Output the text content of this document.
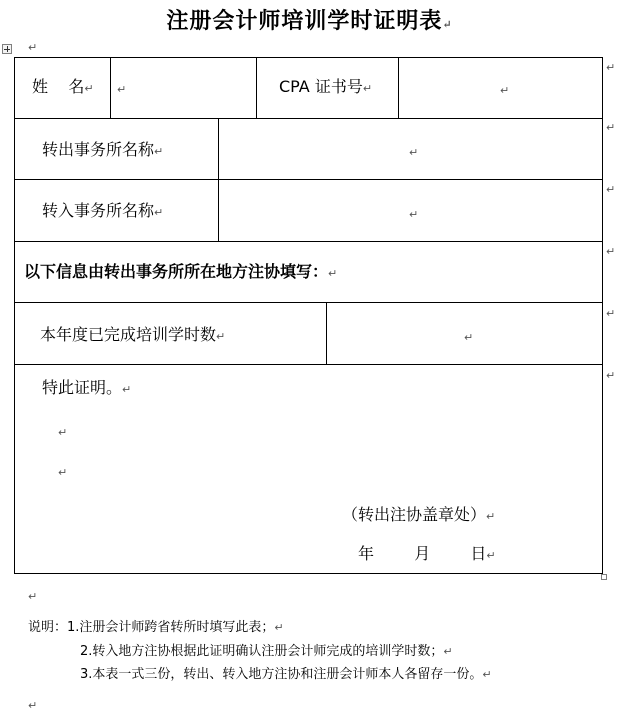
注册会计师培训学时证明表↵
↵
姓    名↵ ↵	CPA 证书号↵	↵
↵
转出事务所名称↵	↵
↵
转入事务所名称↵	↵
↵
以下信息由转出事务所所在地方注协填写：↵
↵
本年度已完成培训学时数↵	↵
↵
特此证明。↵
↵
↵
（转出注协盖章处）↵
年	月	日↵
↵
↵
说明：1.注册会计师跨省转所时填写此表；↵
2.转入地方注协根据此证明确认注册会计师完成的培训学时数；↵
3.本表一式三份，转出、转入地方注协和注册会计师本人各留存一份。↵
↵
